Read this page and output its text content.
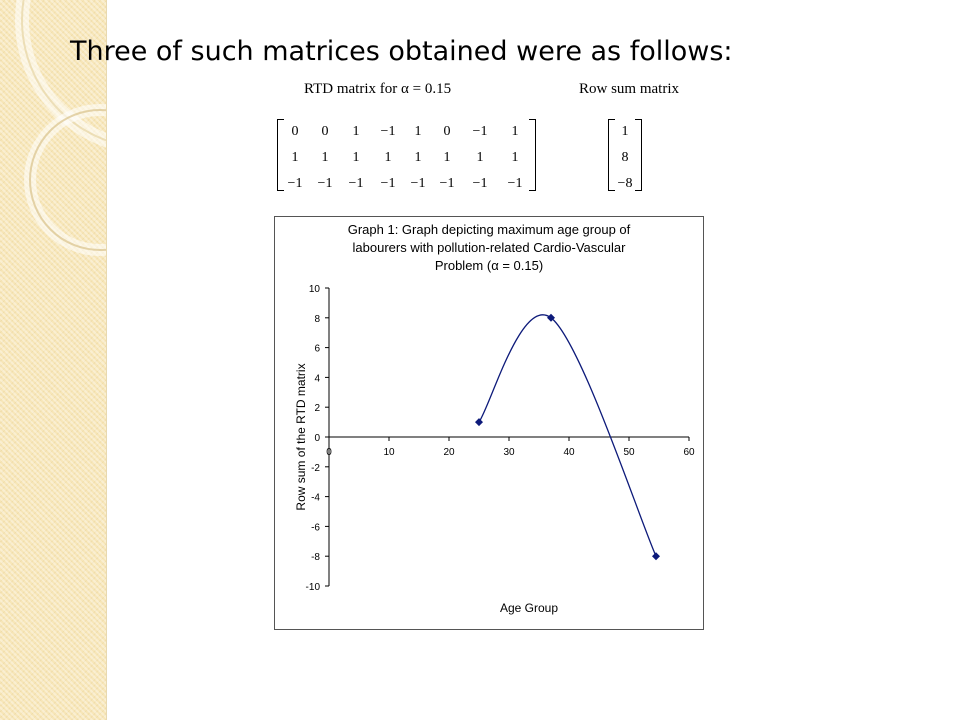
Three of such matrices obtained were as follows:
RTD matrix for α = 0.15	Row sum matrix
0	0	1	−1	1	0	−1	1
1	1	1	1	1	1	1	1
−1	−1	−1	−1	−1	−1	−1	−1
1
8
−8
Graph 1: Graph depicting maximum age group of
labourers with pollution-related Cardio-Vascular
Problem (α = 0.15)
10
8
6
4
2
0
-2
-4
-6
-8
-10
0	10	20	30	40	50	60
Age Group
Row sum of the RTD matrix
